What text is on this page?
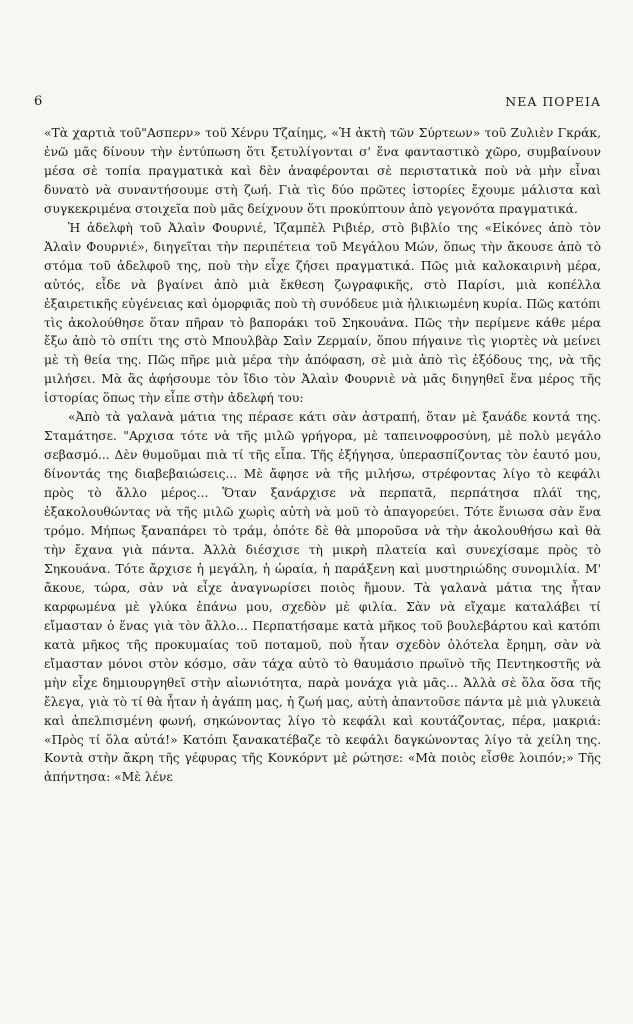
6	ΝΕΑ ΠΟΡΕΙΑ

«Τὰ χαρτιὰ τοῦ"Ασπερν» τοῦ Χένρυ Τζαίημς, «Ἡ ἀκτὴ τῶν Σύρτεων» τοῦ Ζυλιὲν Γκράκ, ἐνῶ μᾶς δίνουν τὴν ἐντύπωση ὅτι ξετυλίγονται σ' ἕνα φανταστικὸ χῶρο, συμβαίνουν μέσα σὲ τοπία πραγματικὰ καὶ δὲν ἀναφέρονται σὲ περιστατικὰ ποὺ νὰ μὴν εἶναι δυνατὸ νὰ συναντήσουμε στὴ ζωή. Γιὰ τὶς δύο πρῶτες ἱστορίες ἔχουμε μάλιστα καὶ συγκεκριμένα στοιχεῖα ποὺ μᾶς δείχνουν ὅτι προκύπτουν ἀπὸ γεγονότα πραγματικά.

Ἡ ἀδελφὴ τοῦ Ἀλαὶν Φουρνιέ, Ἰζαμπὲλ Ριβιέρ, στὸ βιβλίο της «Εἰκόνες ἀπὸ τὸν Ἀλαὶν Φουρνιέ», διηγεῖται τὴν περιπέτεια τοῦ Μεγάλου Μών, ὅπως τὴν ἄκουσε ἀπὸ τὸ στόμα τοῦ ἀδελφοῦ της, ποὺ τὴν εἶχε ζήσει πραγματικά. Πῶς μιὰ καλοκαιρινὴ μέρα, αὐτός, εἶδε νὰ βγαίνει ἀπὸ μιὰ ἔκθεση ζωγραφικῆς, στὸ Παρίσι, μιὰ κοπέλλα ἐξαιρετικῆς εὐγένειας καὶ ὀμορφιᾶς ποὺ τὴ συνόδευε μιὰ ἡλικιωμένη κυρία. Πῶς κατόπι τὶς ἀκολούθησε ὅταν πῆραν τὸ βαπoράκι τοῦ Σηκουάνα. Πῶς τὴν περίμενε κάθε μέρα ἔξω ἀπὸ τὸ σπίτι της στὸ Μπουλβὰρ Σαὶν Ζερμαίν, ὅπου πήγαινε τὶς γιορτὲς νὰ μείνει μὲ τὴ θεία της. Πῶς πῆρε μιὰ μέρα τὴν ἀπόφαση, σὲ μιὰ ἀπὸ τὶς ἐξόδους της, νὰ τῆς μιλήσει. Μὰ ἂς ἀφήσουμε τὸν ἴδιο τὸν Ἀλαὶν Φουρνιὲ νὰ μᾶς διηγηθεῖ ἕνα μέρος τῆς ἱστορίας ὅπως τὴν εἶπε στὴν ἀδελφή του:

«Ἀπὸ τὰ γαλανὰ μάτια της πέρασε κάτι σὰν ἀστραπή, ὅταν μὲ ξανάδε κοντά της. Σταμάτησε. "Αρχισα τότε νὰ τῆς μιλῶ γρήγορα, μὲ ταπεινοφροσύνη, μὲ πολὺ μεγάλο σεβασμό... Δὲν θυμοῦμαι πιὰ τί τῆς εἶπα. Τῆς ἐξήγησα, ὑπερασπίζοντας τὸν ἑαυτό μου, δίνοντάς της διαβεβαιώσεις... Μὲ ἄφησε νὰ τῆς μιλήσω, στρέφοντας λίγο τὸ κεφάλι πρὸς τὸ ἄλλο μέρος... Ὅταν ξανάρχισε νὰ περπατᾶ, περπάτησα πλάϊ της, ἐξακολουθώντας νὰ τῆς μιλῶ χωρὶς αὐτὴ νὰ μοῦ τὸ ἀπαγορεύει. Τότε ἔνιωσα σὰν ἕνα τρόμο. Μήπως ξαναπάρει τὸ τράμ, ὁπότε δὲ θὰ μποροῦσα νὰ τὴν ἀκολουθήσω καὶ θὰ τὴν ἔχανα γιὰ πάντα. Ἀλλὰ διέσχισε τὴ μικρὴ πλατεία καὶ συνεχίσαμε πρὸς τὸ Σηκουάνα. Τότε ἄρχισε ἡ μεγάλη, ἡ ὡραία, ἡ παράξενη καὶ μυστηριώδης συνομιλία. Μ' ἄκουε, τώρα, σὰν νὰ εἶχε ἀναγνωρίσει ποιὸς ἤμουν. Τὰ γαλανὰ μάτια της ἦταν καρφωμένα μὲ γλύκα ἐπάνω μου, σχεδὸν μὲ φιλία. Σὰν νὰ εἴχαμε καταλάβει τί εἴμασταν ὁ ἕνας γιὰ τὸν ἄλλο... Περπατήσαμε κατὰ μῆκος τοῦ βουλεβάρτου καὶ κατόπι κατὰ μῆκος τῆς προκυμαίας τοῦ ποταμοῦ, ποὺ ἦταν σχεδὸν ὁλότελα ἔρημη, σὰν νὰ εἴμασταν μόνοι στὸν κόσμο, σὰν τάχα αὐτὸ τὸ θαυμάσιο πρωϊνὸ τῆς Πεντηκοστῆς νὰ μὴν εἶχε δημιουργηθεῖ στὴν αἰωνιότητα, παρὰ μονάχα γιὰ μᾶς... Ἀλλὰ σὲ ὅλα ὅσα τῆς ἔλεγα, γιὰ τὸ τί θὰ ἦταν ἡ ἀγάπη μας, ἡ ζωή μας, αὐτὴ ἀπαντοῦσε πάντα μὲ μιὰ γλυκειὰ καὶ ἀπελπισμένη φωνή, σηκώνοντας λίγο τὸ κεφάλι καὶ κουτάζοντας, πέρα, μακριά: «Πρὸς τί ὅλα αὐτά!» Κατόπι ξανακατέβαζε τὸ κεφάλι δαγκώνοντας λίγο τὰ χείλη της. Κοντὰ στὴν ἄκρη τῆς γέφυρας τῆς Κονκόρντ μὲ ρώτησε: «Μὰ ποιὸς εἶσθε λοιπόν;» Τῆς ἀπήντησα: «Μὲ λένε
